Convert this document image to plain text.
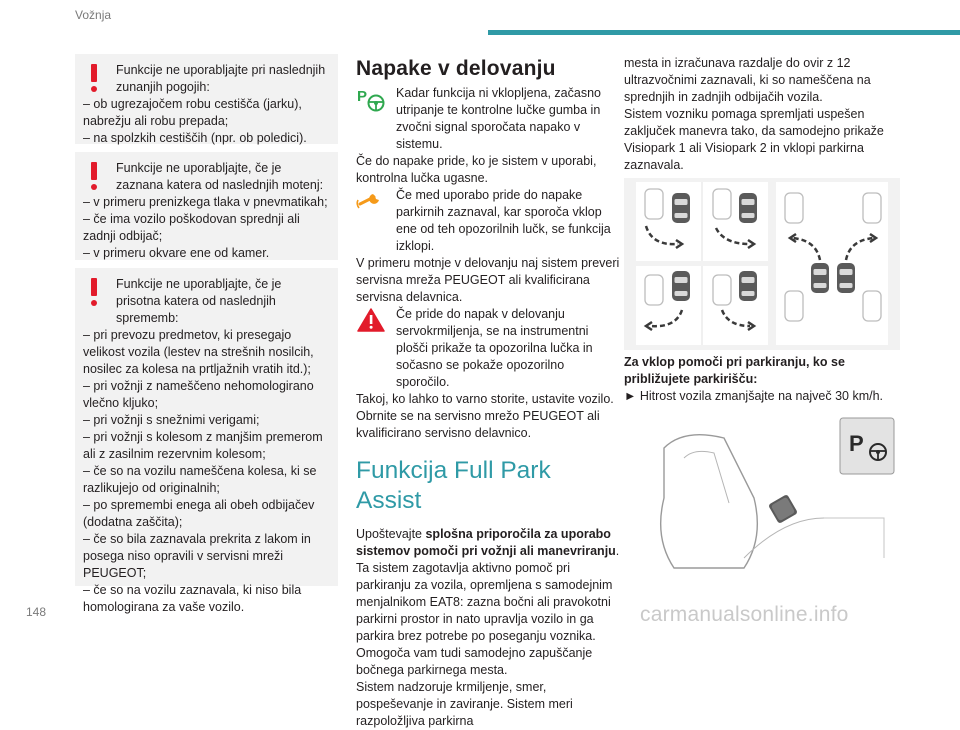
Vožnja

Funkcije ne uporabljajte pri naslednjih zunanjih pogojih:

– ob ugrezajočem robu cestišča (jarku), nabrežju ali robu prepada;

– na spolzkih cestiščih (npr. ob poledici).

Funkcije ne uporabljajte, če je zaznana katera od naslednjih motenj:

– v primeru prenizkega tlaka v pnevmatikah;

– če ima vozilo poškodovan sprednji ali zadnji odbijač;

– v primeru okvare ene od kamer.

Funkcije ne uporabljajte, če je prisotna katera od naslednjih sprememb:

– pri prevozu predmetov, ki presegajo velikost vozila (lestev na strešnih nosilcih, nosilec za kolesa na prtljažnih vratih itd.);

– pri vožnji z nameščeno nehomologirano vlečno kljuko;

– pri vožnji s snežnimi verigami;

– pri vožnji s kolesom z manjšim premerom ali z zasilnim rezervnim kolesom;

– če so na vozilu nameščena kolesa, ki se razlikujejo od originalnih;

– po spremembi enega ali obeh odbijačev (dodatna zaščita);

– če so bila zaznavala prekrita z lakom in posega niso opravili v servisni mreži PEUGEOT;

– če so na vozilu zaznavala, ki niso bila homologirana za vaše vozilo.

Napake v delovanju
P	Kadar funkcija ni vklopljena, začasno utripanje te kontrolne lučke gumba in zvočni signal sporočata napako v sistemu.

Če do napake pride, ko je sistem v uporabi, kontrolna lučka ugasne.

Če med uporabo pride do napake parkirnih zaznaval, kar sporoča vklop ene od teh opozorilnih lučk, se funkcija izklopi.

V primeru motnje v delovanju naj sistem preveri servisna mreža PEUGEOT ali kvalificirana servisna delavnica.

Če pride do napak v delovanju servokrmiljenja, se na instrumentni plošči prikaže ta opozorilna lučka in sočasno se pokaže opozorilno sporočilo.

Takoj, ko lahko to varno storite, ustavite vozilo. Obrnite se na servisno mrežo PEUGEOT ali kvalificirano servisno delavnico.

Funkcija Full Park Assist

Upoštevajte splošna priporočila za uporabo sistemov pomoči pri vožnji ali manevriranju.

Ta sistem zagotavlja aktivno pomoč pri parkiranju za vozila, opremljena s samodejnim menjalnikom EAT8: zazna bočni ali pravokotni parkirni prostor in nato upravlja vozilo in ga parkira brez potrebe po poseganju voznika. Omogoča vam tudi samodejno zapuščanje bočnega parkirnega mesta.

Sistem nadzoruje krmiljenje, smer, pospeševanje in zaviranje. Sistem meri razpoložljiva parkirna

mesta in izračunava razdalje do ovir z 12 ultrazvočnimi zaznavali, ki so nameščena na sprednjih in zadnjih odbijačih vozila.

Sistem vozniku pomaga spremljati uspešen zaključek manevra tako, da samodejno prikaže Visiopark 1 ali Visiopark 2 in vklopi parkirna zaznavala.

Za vklop pomoči pri parkiranju, ko se približujete parkirišču:

► Hitrost vozila zmanjšajte na največ 30 km/h.

P
148	carmanualsonline.info
